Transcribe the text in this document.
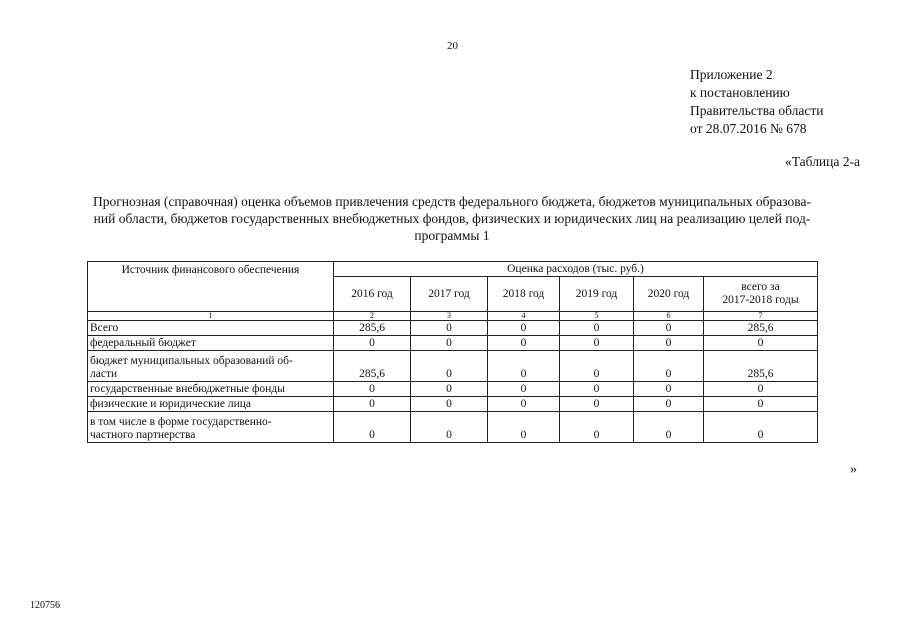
20
Приложение 2
к постановлению
Правительства области
от 28.07.2016 № 678
«Таблица 2-а
Прогнозная (справочная) оценка объемов привлечения средств федерального бюджета, бюджетов муниципальных образова-
ний области, бюджетов государственных внебюджетных фондов, физических и юридических лиц на реализацию целей под-
программы 1
Источник финансового обеспечения	Оценка расходов (тыс. руб.)					
	2016 год	2017 год	2018 год	2019 год	2020 год	всего за
2017-2018 годы

1	2	3	4	5	6	7
Всего	285,6	0	0	0	0	285,6
федеральный бюджет	0	0	0	0	0	0

бюджет муниципальных образований об-
ласти	285,6	0	0	0	0	285,6
государственные внебюджетные фонды	0	0	0	0	0	0
физические и юридические лица	0	0	0	0	0	0

в том числе в форме государственно-
частного партнерства	0	0	0	0	0	0
»
120756
